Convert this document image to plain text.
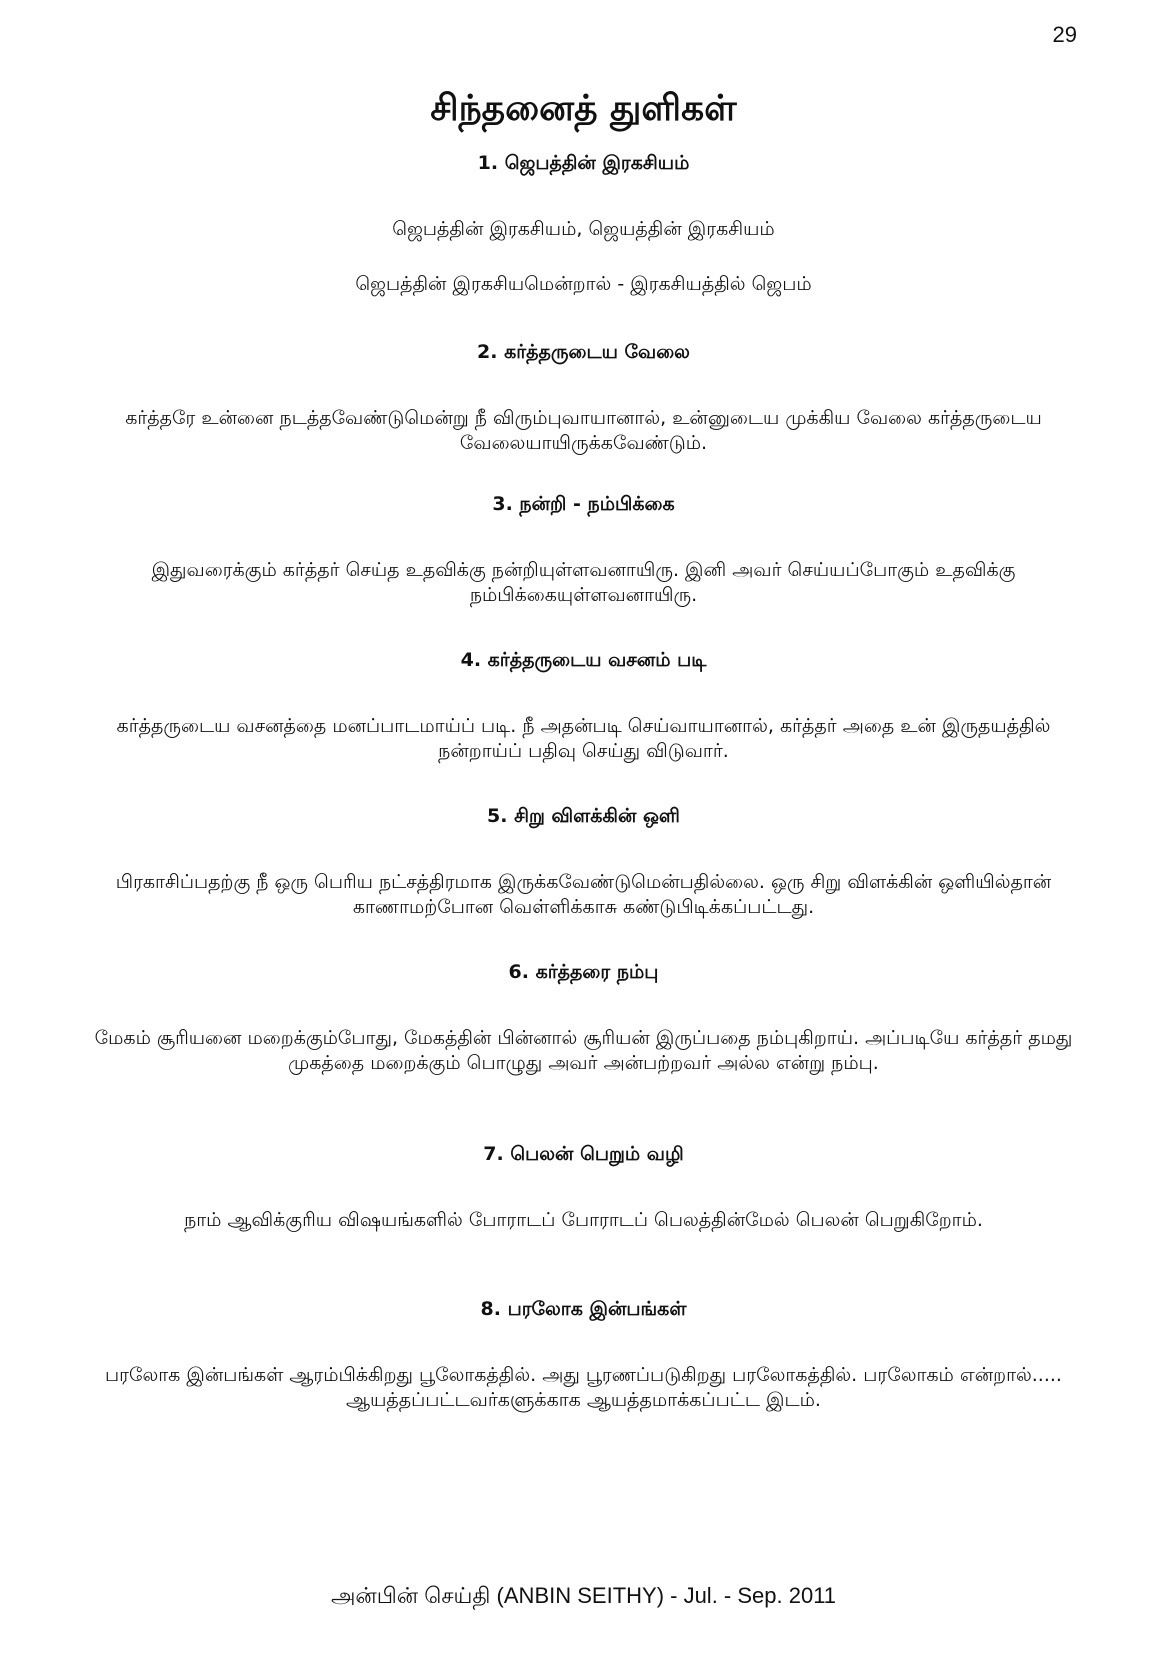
29
சிந்தனைத் துளிகள்

1. ஜெபத்தின் இரகசியம்

ஜெபத்தின் இரகசியம், ஜெயத்தின் இரகசியம்

ஜெபத்தின் இரகசியமென்றால் - இரகசியத்தில் ஜெபம்

2. கர்த்தருடைய வேலை

கர்த்தரே உன்னை நடத்தவேண்டுமென்று நீ விரும்புவாயானால், உன்னுடைய முக்கிய வேலை கர்த்தருடைய வேலையாயிருக்கவேண்டும்.

3. நன்றி - நம்பிக்கை

இதுவரைக்கும் கர்த்தர் செய்த உதவிக்கு நன்றியுள்ளவனாயிரு. இனி அவர் செய்யப்போகும் உதவிக்கு நம்பிக்கையுள்ளவனாயிரு.

4. கர்த்தருடைய வசனம் படி

கர்த்தருடைய வசனத்தை மனப்பாடமாய்ப் படி. நீ அதன்படி செய்வாயானால், கர்த்தர் அதை உன் இருதயத்தில் நன்றாய்ப் பதிவு செய்து விடுவார்.

5. சிறு விளக்கின் ஒளி

பிரகாசிப்பதற்கு நீ ஒரு பெரிய நட்சத்திரமாக இருக்கவேண்டுமென்பதில்லை. ஒரு சிறு விளக்கின் ஒளியில்தான் காணாமற்போன வெள்ளிக்காசு கண்டுபிடிக்கப்பட்டது.

6. கர்த்தரை நம்பு

மேகம் சூரியனை மறைக்கும்போது, மேகத்தின் பின்னால் சூரியன் இருப்பதை நம்புகிறாய். அப்படியே கர்த்தர் தமது முகத்தை மறைக்கும் பொழுது அவர் அன்பற்றவர் அல்ல என்று நம்பு.

7. பெலன் பெறும் வழி

நாம் ஆவிக்குரிய விஷயங்களில் போராடப் போராடப் பெலத்தின்மேல் பெலன் பெறுகிறோம்.

8. பரலோக இன்பங்கள்

பரலோக இன்பங்கள் ஆரம்பிக்கிறது பூலோகத்தில். அது பூரணப்படுகிறது பரலோகத்தில். பரலோகம் என்றால்..... ஆயத்தப்பட்டவர்களுக்காக ஆயத்தமாக்கப்பட்ட இடம்.

அன்பின் செய்தி (ANBIN SEITHY) - Jul. - Sep. 2011
